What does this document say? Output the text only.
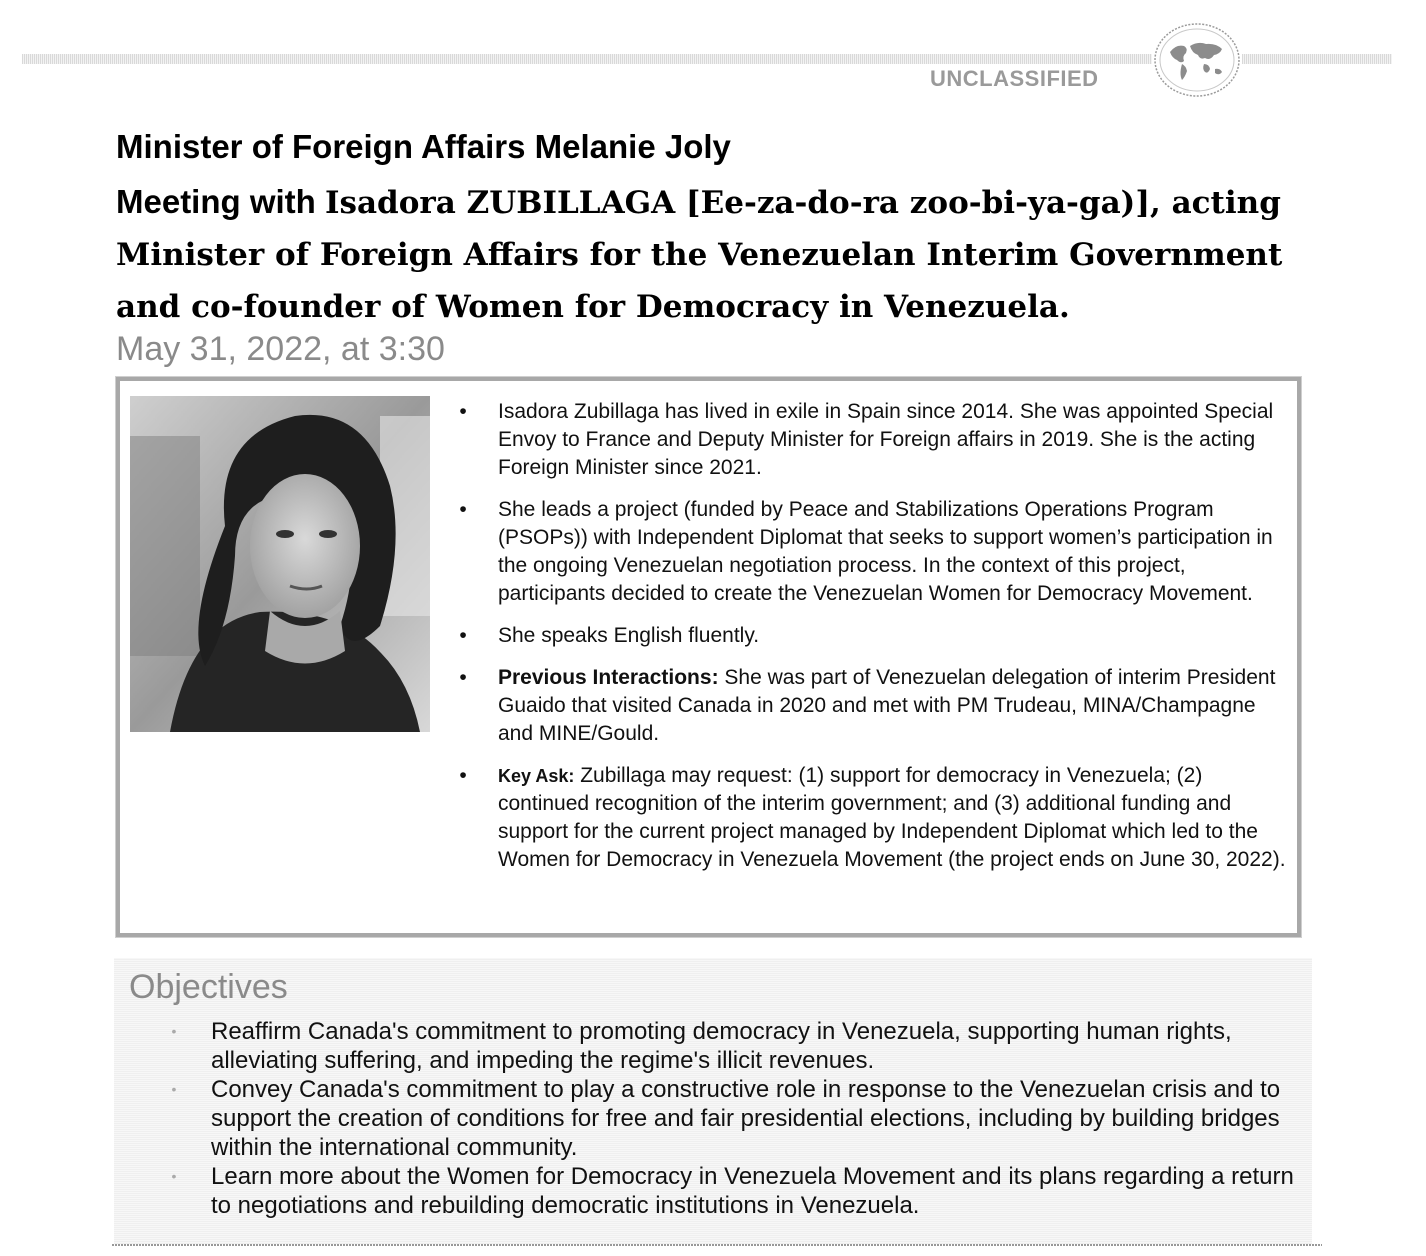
UNCLASSIFIED
Minister of Foreign Affairs Melanie Joly
Meeting with Isadora ZUBILLAGA [Ee-za-do-ra zoo-bi-ya-ga)], acting
Minister of Foreign Affairs for the Venezuelan Interim Government
and co-founder of Women for Democracy in Venezuela.
May 31, 2022, at 3:30
• Isadora Zubillaga has lived in exile in Spain since 2014. She was appointed Special Envoy to France and Deputy Minister for Foreign affairs in 2019. She is the acting Foreign Minister since 2021.
• She leads a project (funded by Peace and Stabilizations Operations Program (PSOPs)) with Independent Diplomat that seeks to support women’s participation in the ongoing Venezuelan negotiation process. In the context of this project, participants decided to create the Venezuelan Women for Democracy Movement.
• She speaks English fluently.
• Previous Interactions: She was part of Venezuelan delegation of interim President Guaido that visited Canada in 2020 and met with PM Trudeau, MINA/Champagne and MINE/Gould.
• Key Ask: Zubillaga may request: (1) support for democracy in Venezuela; (2) continued recognition of the interim government; and (3) additional funding and support for the current project managed by Independent Diplomat which led to the Women for Democracy in Venezuela Movement (the project ends on June 30, 2022).
Objectives
• Reaffirm Canada's commitment to promoting democracy in Venezuela, supporting human rights, alleviating suffering, and impeding the regime's illicit revenues.
• Convey Canada's commitment to play a constructive role in response to the Venezuelan crisis and to support the creation of conditions for free and fair presidential elections, including by building bridges within the international community.
• Learn more about the Women for Democracy in Venezuela Movement and its plans regarding a return to negotiations and rebuilding democratic institutions in Venezuela.
